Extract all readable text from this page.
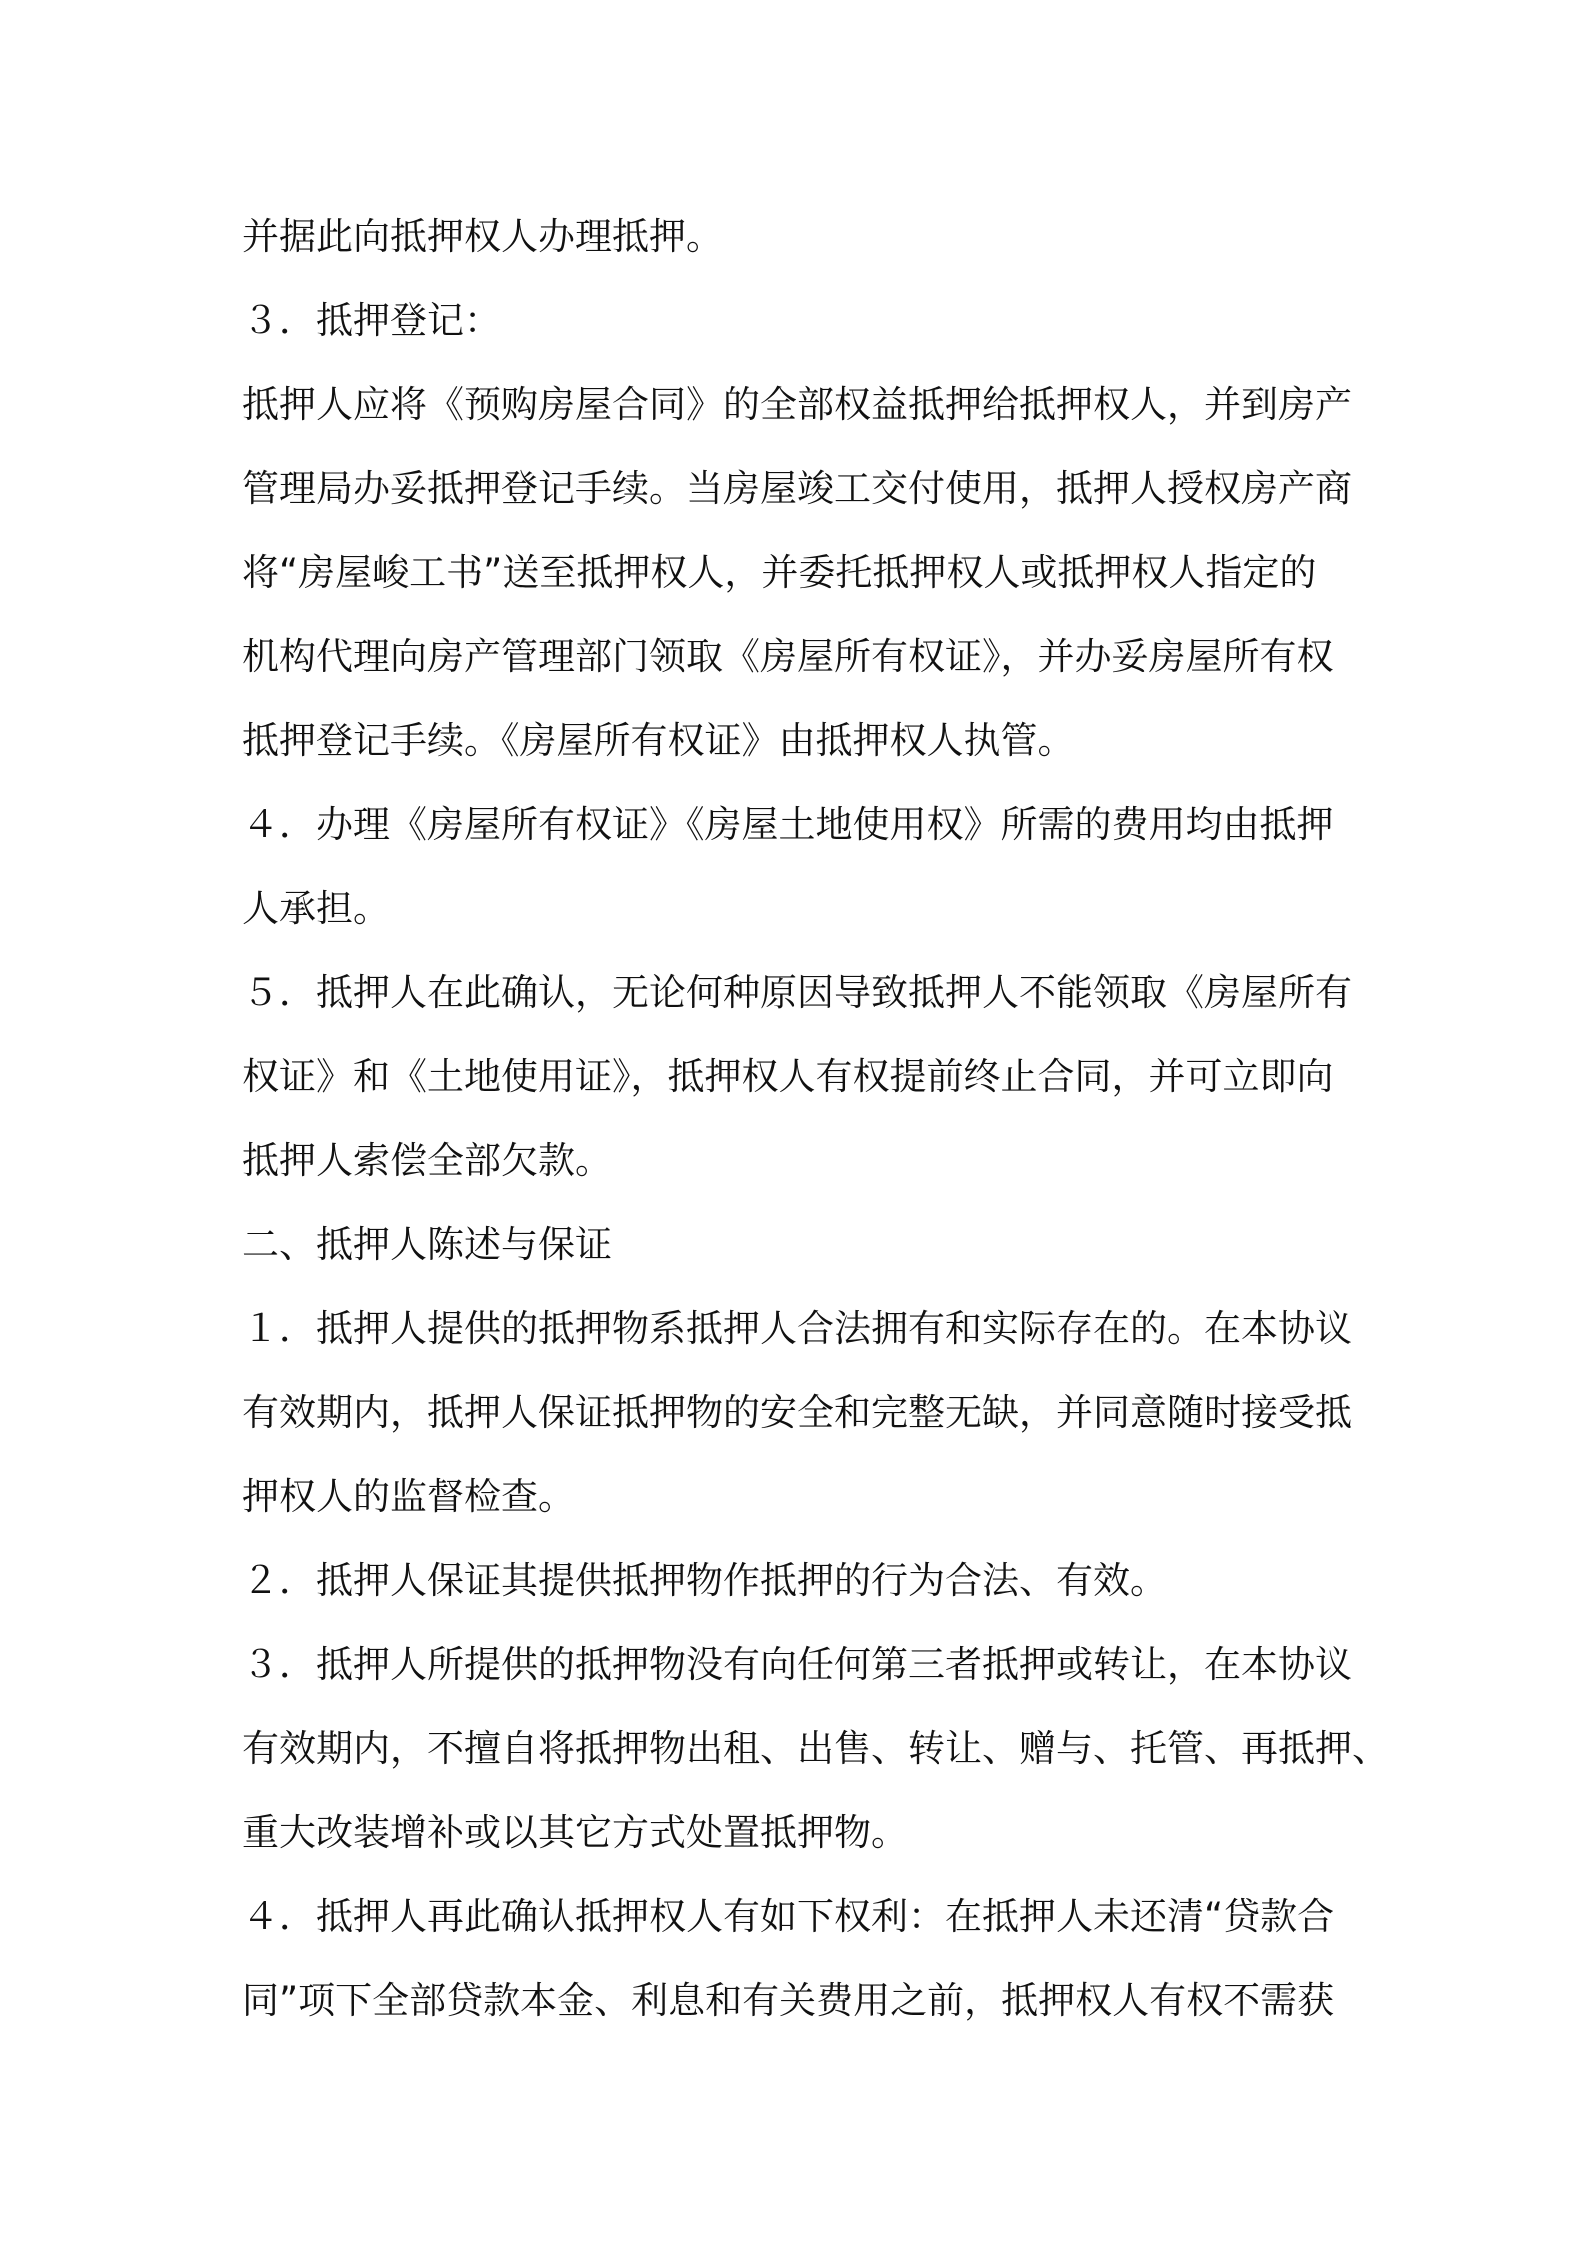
并据此向抵押权人办理抵押。
３．抵押登记：
抵押人应将《预购房屋合同》的全部权益抵押给抵押权人，并到房产
管理局办妥抵押登记手续。当房屋竣工交付使用，抵押人授权房产商
将“房屋峻工书”送至抵押权人，并委托抵押权人或抵押权人指定的
机构代理向房产管理部门领取《房屋所有权证》，并办妥房屋所有权
抵押登记手续。《房屋所有权证》由抵押权人执管。
４．办理《房屋所有权证》《房屋土地使用权》所需的费用均由抵押
人承担。
５．抵押人在此确认，无论何种原因导致抵押人不能领取《房屋所有
权证》和《土地使用证》，抵押权人有权提前终止合同，并可立即向
抵押人索偿全部欠款。
二、抵押人陈述与保证
１．抵押人提供的抵押物系抵押人合法拥有和实际存在的。在本协议
有效期内，抵押人保证抵押物的安全和完整无缺，并同意随时接受抵
押权人的监督检查。
２．抵押人保证其提供抵押物作抵押的行为合法、有效。
３．抵押人所提供的抵押物没有向任何第三者抵押或转让，在本协议
有效期内，不擅自将抵押物出租、出售、转让、赠与、托管、再抵押、
重大改装增补或以其它方式处置抵押物。
４．抵押人再此确认抵押权人有如下权利：在抵押人未还清“贷款合
同”项下全部贷款本金、利息和有关费用之前，抵押权人有权不需获
